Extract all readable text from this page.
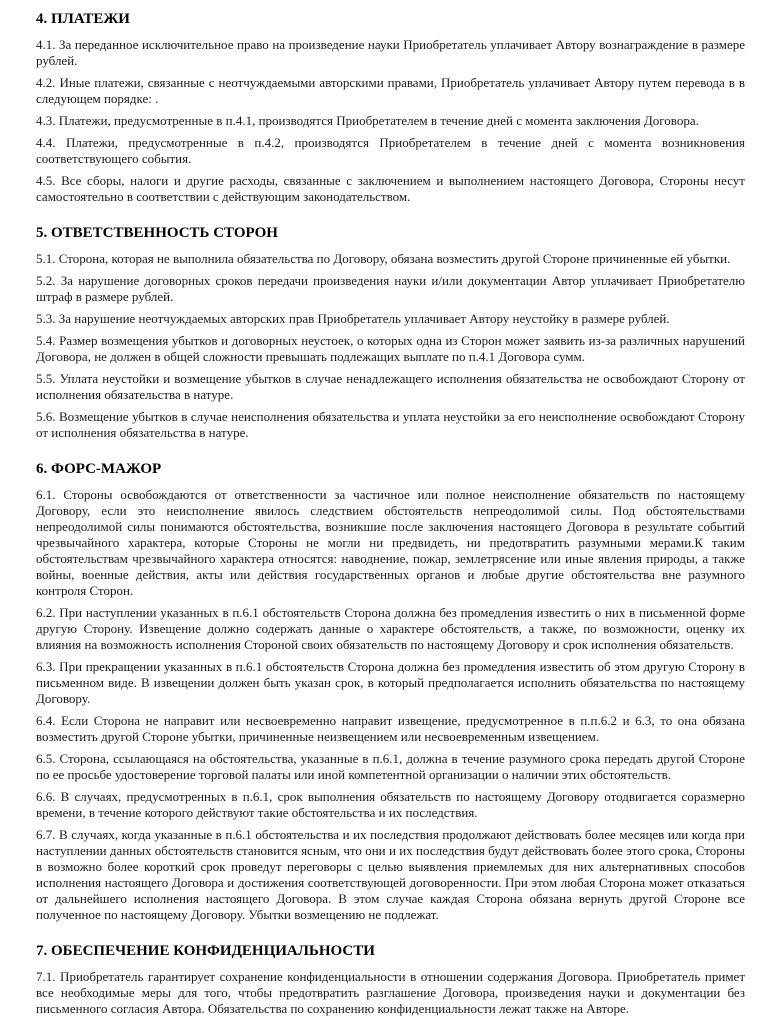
4. ПЛАТЕЖИ

4.1. За переданное исключительное право на произведение науки Приобретатель уплачивает Автору вознаграждение в размере рублей.

4.2. Иные платежи, связанные с неотчуждаемыми авторскими правами, Приобретатель уплачивает Автору путем перевода в в следующем порядке: .

4.3. Платежи, предусмотренные в п.4.1, производятся Приобретателем в течение дней с момента заключения Договора.

4.4. Платежи, предусмотренные в п.4.2, производятся Приобретателем в течение дней с момента возникновения соответствующего события.

4.5. Все сборы, налоги и другие расходы, связанные с заключением и выполнением настоящего Договора, Стороны несут самостоятельно в соответствии с действующим законодательством.

5. ОТВЕТСТВЕННОСТЬ СТОРОН

5.1. Сторона, которая не выполнила обязательства по Договору, обязана возместить другой Стороне причиненные ей убытки.

5.2. За нарушение договорных сроков передачи произведения науки и/или документации Автор уплачивает Приобретателю штраф в размере рублей.

5.3. За нарушение неотчуждаемых авторских прав Приобретатель уплачивает Автору неустойку в размере рублей.

5.4. Размер возмещения убытков и договорных неустоек, о которых одна из Сторон может заявить из-за различных нарушений Договора, не должен в общей сложности превышать подлежащих выплате по п.4.1 Договора сумм.

5.5. Уплата неустойки и возмещение убытков в случае ненадлежащего исполнения обязательства не освобождают Сторону от исполнения обязательства в натуре.

5.6. Возмещение убытков в случае неисполнения обязательства и уплата неустойки за его неисполнение освобождают Сторону от исполнения обязательства в натуре.

6. ФОРС-МАЖОР

6.1. Стороны освобождаются от ответственности за частичное или полное неисполнение обязательств по настоящему Договору, если это неисполнение явилось следствием обстоятельств непреодолимой силы. Под обстоятельствами непреодолимой силы понимаются обстоятельства, возникшие после заключения настоящего Договора в результате событий чрезвычайного характера, которые Стороны не могли ни предвидеть, ни предотвратить разумными мерами.К таким обстоятельствам чрезвычайного характера относятся: наводнение, пожар, землетрясение или иные явления природы, а также войны, военные действия, акты или действия государственных органов и любые другие обстоятельства вне разумного контроля Сторон.

6.2. При наступлении указанных в п.6.1 обстоятельств Сторона должна без промедления известить о них в письменной форме другую Сторону. Извещение должно содержать данные о характере обстоятельств, а также, по возможности, оценку их влияния на возможность исполнения Стороной своих обязательств по настоящему Договору и срок исполнения обязательств.

6.3. При прекращении указанных в п.6.1 обстоятельств Сторона должна без промедления известить об этом другую Сторону в письменном виде. В извещении должен быть указан срок, в который предполагается исполнить обязательства по настоящему Договору.

6.4. Если Сторона не направит или несвоевременно направит извещение, предусмотренное в п.п.6.2 и 6.3, то она обязана возместить другой Стороне убытки, причиненные неизвещением или несвоевременным извещением.

6.5. Сторона, ссылающаяся на обстоятельства, указанные в п.6.1, должна в течение разумного срока передать другой Стороне по ее просьбе удостоверение торговой палаты или иной компетентной организации о наличии этих обстоятельств.

6.6. В случаях, предусмотренных в п.6.1, срок выполнения обязательств по настоящему Договору отодвигается соразмерно времени, в течение которого действуют такие обстоятельства и их последствия.

6.7. В случаях, когда указанные в п.6.1 обстоятельства и их последствия продолжают действовать более месяцев или когда при наступлении данных обстоятельств становится ясным, что они и их последствия будут действовать более этого срока, Стороны в возможно более короткий срок проведут переговоры с целью выявления приемлемых для них альтернативных способов исполнения настоящего Договора и достижения соответствующей договоренности. При этом любая Сторона может отказаться от дальнейшего исполнения настоящего Договора. В этом случае каждая Сторона обязана вернуть другой Стороне все полученное по настоящему Договору. Убытки возмещению не подлежат.

7. ОБЕСПЕЧЕНИЕ КОНФИДЕНЦИАЛЬНОСТИ

7.1. Приобретатель гарантирует сохранение конфиденциальности в отношении содержания Договора. Приобретатель примет все необходимые меры для того, чтобы предотвратить разглашение Договора, произведения науки и документации без письменного согласия Автора. Обязательства по сохранению конфиденциальности лежат также на Авторе.
